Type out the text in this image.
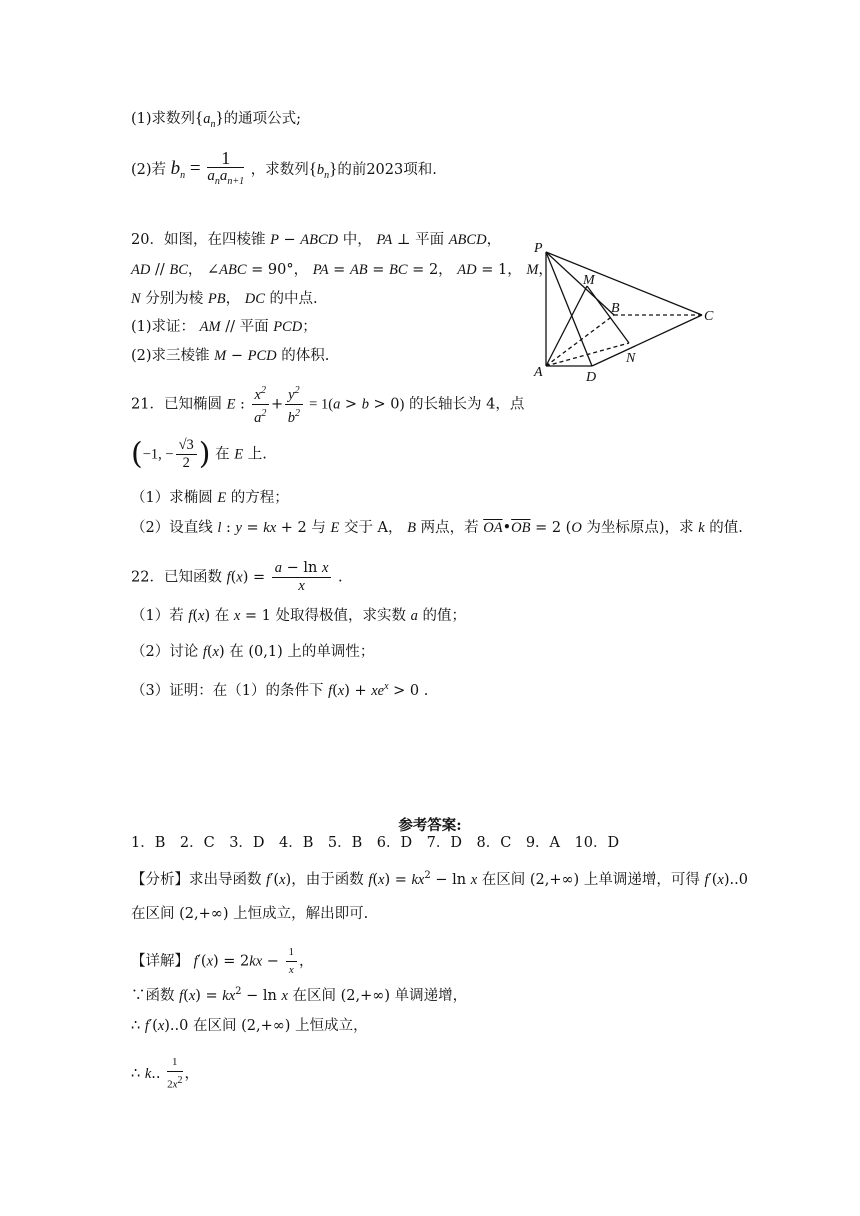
(1)求数列$\{a_n\}$的通项公式;
(2)若 $b_n = \frac{1}{a_na_{n+1}}$ ，求数列$\{b_n\}$的前2023项和.
20．如图，在四棱锥 P − ABCD 中， PA ⊥ 平面 ABCD，
AD // BC， ∠ABC = 90°， PA = AB = BC = 2， AD = 1， M，
N 分别为棱 PB， DC 的中点.
(1)求证： AM // 平面 PCD；
(2)求三棱锥 M − PCD 的体积.
P
M
B
C
A	D
N
21．已知椭圆 E : $\frac{x^2}{a^2} + \frac{y^2}{b^2} = 1(a > b > 0)$ 的长轴长为 4，点
(−1, − $\frac{√3}{2}$ ) 在 E 上.
（1）求椭圆 E 的方程；
（2）设直线 l : y = kx + 2 与 E 交于 A， B 两点，若 $\overline{OA}•\overline{OB} = 2$ (O 为坐标原点)，求 k 的值.
22．已知函数 $f(x) = \frac{\text{a − ln x}}{x}$ .
（1）若 f(x) 在 x = 1 处取得极值，求实数 a 的值；
（2）讨论 f(x) 在 (0,1) 上的单调性；
（3）证明：在（1）的条件下 $f(x) + xe^x > 0$ .
参考答案:
1．B　2．C　3．D　4．B　5．B　6．D　7．D　8．C　9．A　10．D
【分析】求出导函数 f′(x)，由于函数 $f(x) = kx^2 - \ln x$ 在区间 (2,+∞) 上单调递增，可得 f′(x)..0
在区间 (2,+∞) 上恒成立，解出即可.
【详解】 $f'(x) = 2kx - \frac{1}{x}$ ，
∵函数 $f(x) = kx^2 - \ln x$ 在区间 (2,+∞) 单调递增，
∴ f′(x)..0 在区间 (2,+∞) 上恒成立，
∴ k.. $\frac{1}{2x^2}$ ，
